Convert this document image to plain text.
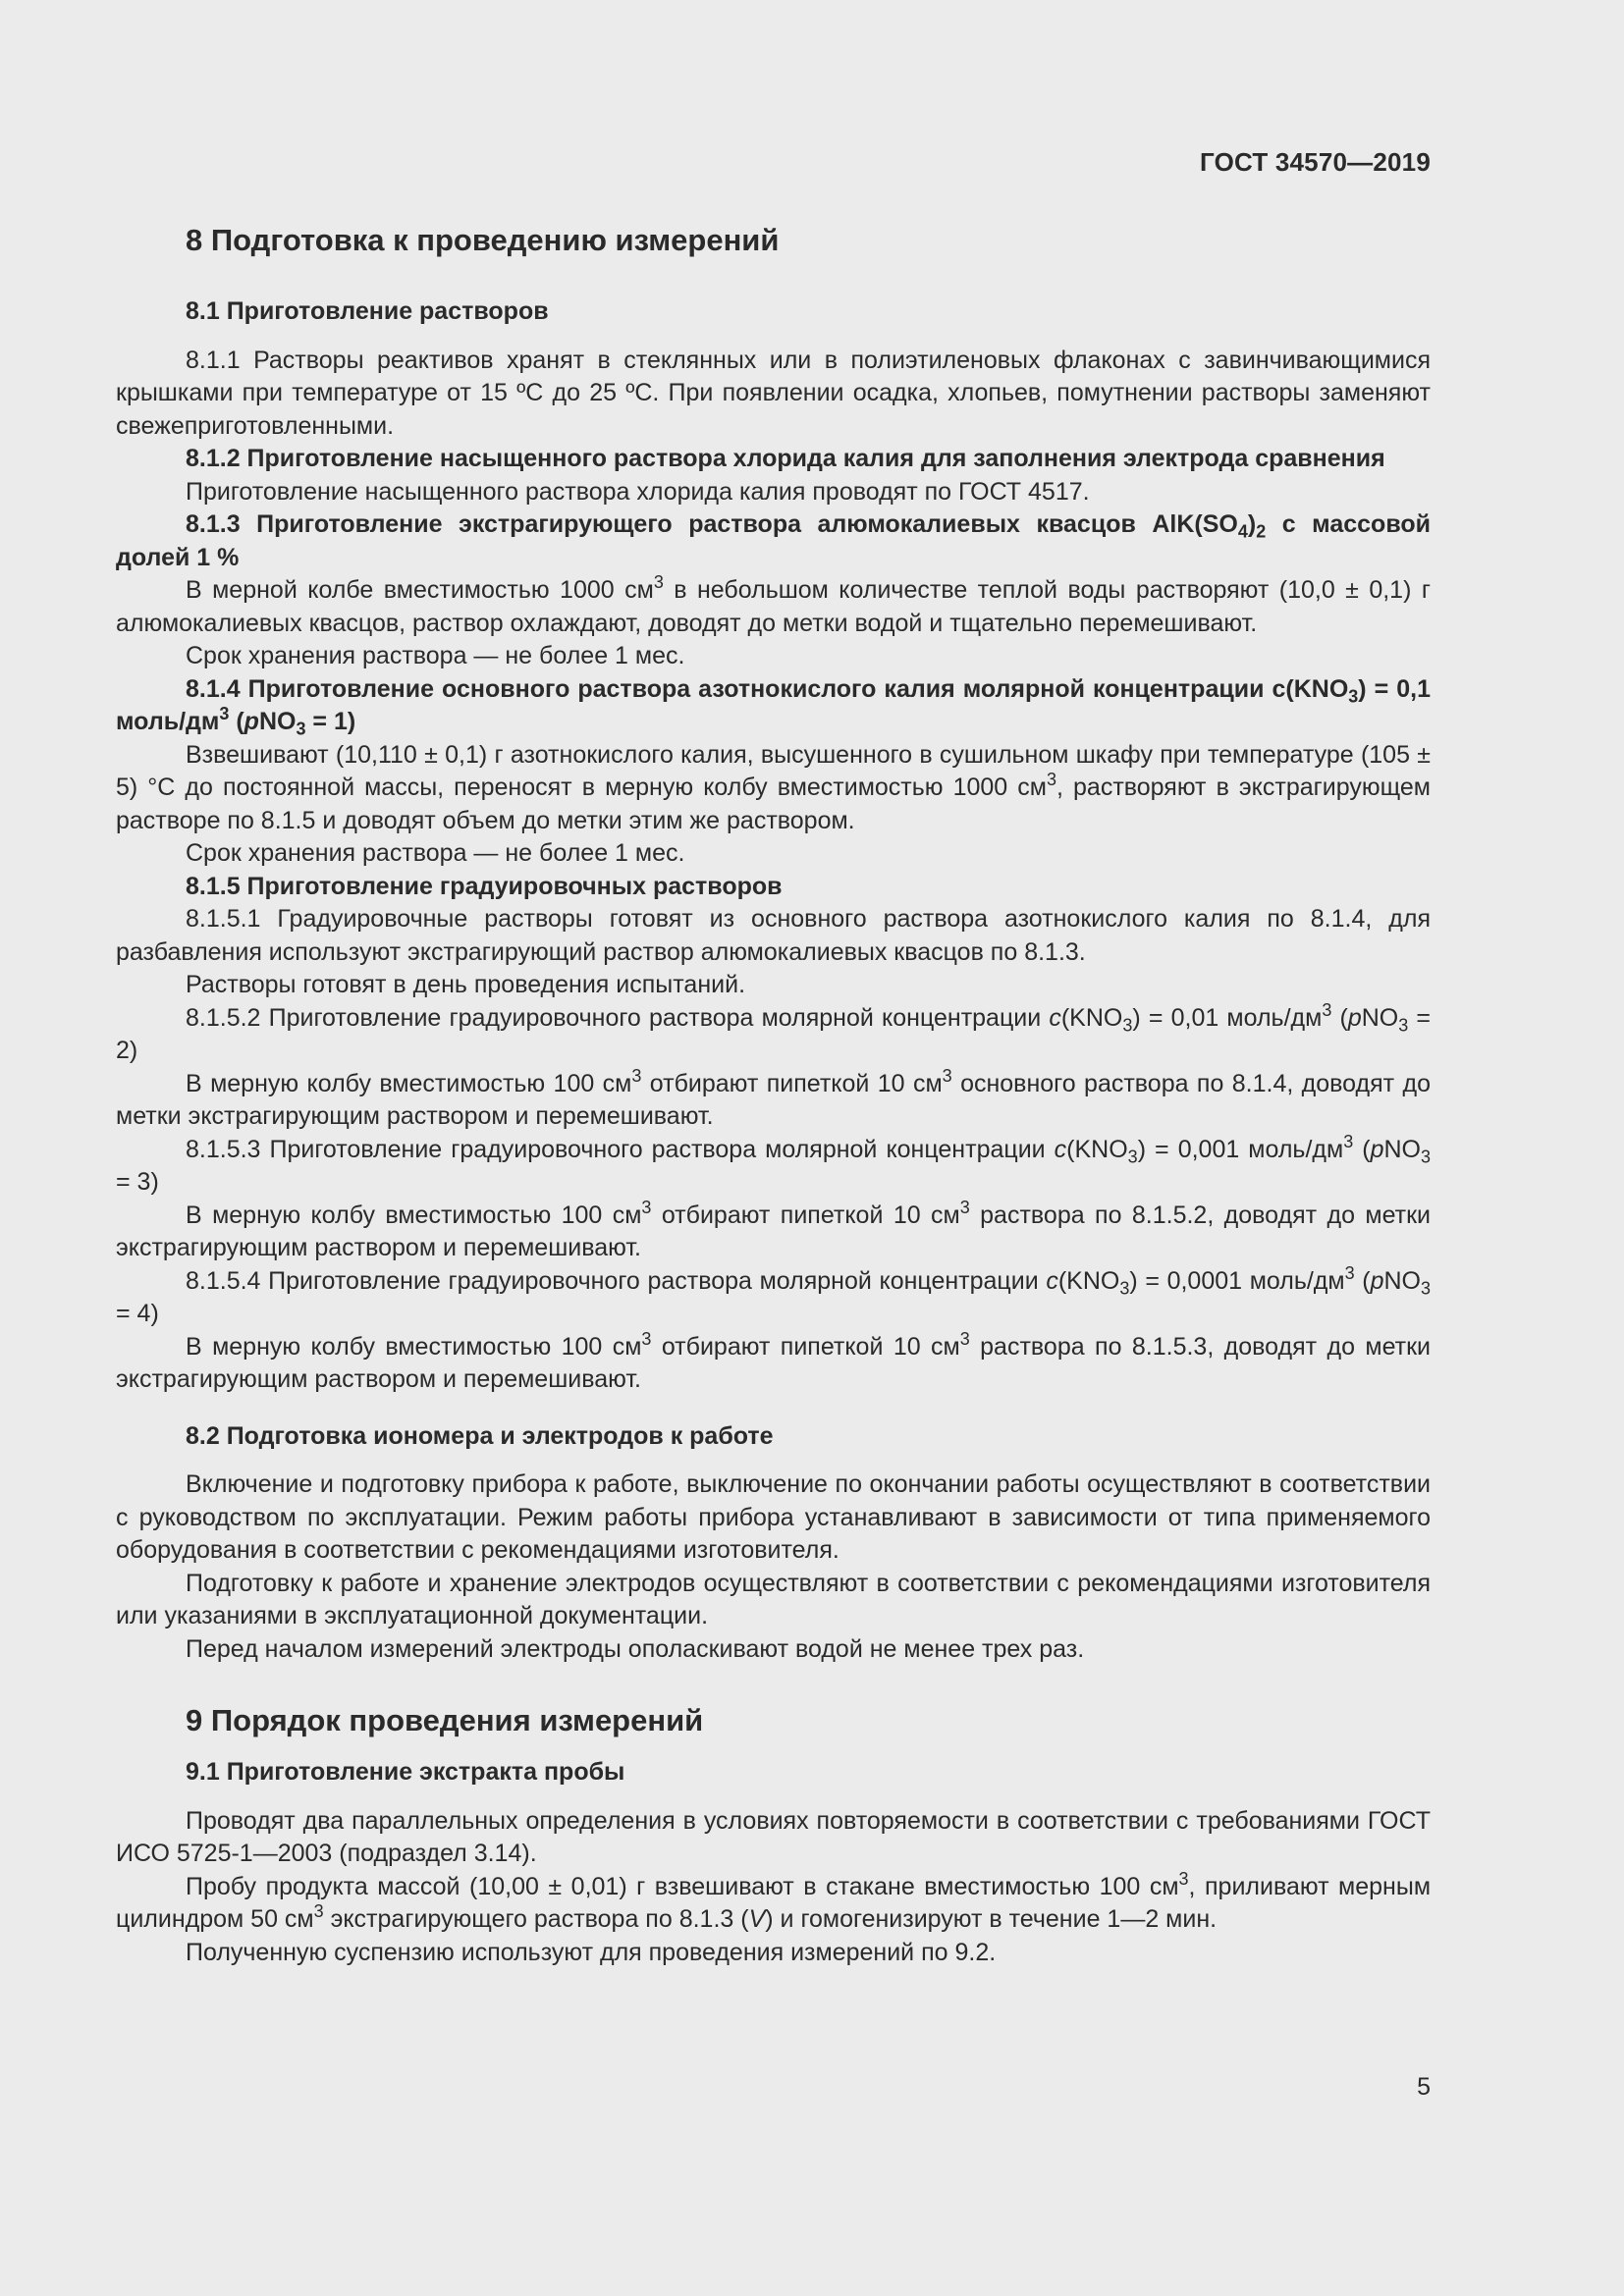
ГОСТ 34570—2019
8 Подготовка к проведению измерений

8.1 Приготовление растворов

8.1.1 Растворы реактивов хранят в стеклянных или в полиэтиленовых флаконах с завинчивающимися крышками при температуре от 15 ºС до 25 ºС. При появлении осадка, хлопьев, помутнении растворы заменяют свежеприготовленными.

8.1.2 Приготовление насыщенного раствора хлорида калия для заполнения электрода сравнения

Приготовление насыщенного раствора хлорида калия проводят по ГОСТ 4517.

8.1.3 Приготовление экстрагирующего раствора алюмокалиевых квасцов $AlK(SO_4)_2$ с массовой долей 1 %

В мерной колбе вместимостью 1000 $см^3$ в небольшом количестве теплой воды растворяют (10,0 ± 0,1) г алюмокалиевых квасцов, раствор охлаждают, доводят до метки водой и тщательно перемешивают.

Срок хранения раствора — не более 1 мес.

8.1.4 Приготовление основного раствора азотнокислого калия молярной концентрации $c(KNO_3) = 0,1$ моль/$дм^3$ (pNO$_3$ = 1)

Взвешивают (10,110 ± 0,1) г азотнокислого калия, высушенного в сушильном шкафу при температуре (105 ± 5) °С до постоянной массы, переносят в мерную колбу вместимостью 1000 $см^3$, растворяют в экстрагирующем растворе по 8.1.5 и доводят объем до метки этим же раствором.

Срок хранения раствора — не более 1 мес.

8.1.5 Приготовление градуировочных растворов

8.1.5.1 Градуировочные растворы готовят из основного раствора азотнокислого калия по 8.1.4, для разбавления используют экстрагирующий раствор алюмокалиевых квасцов по 8.1.3.

Растворы готовят в день проведения испытаний.

8.1.5.2 Приготовление градуировочного раствора молярной концентрации $c(KNO_3) = 0,01$ моль/$дм^3$ (pNO$_3$ = 2)

В мерную колбу вместимостью 100 $см^3$ отбирают пипеткой 10 $см^3$ основного раствора по 8.1.4, доводят до метки экстрагирующим раствором и перемешивают.

8.1.5.3 Приготовление градуировочного раствора молярной концентрации $c(KNO_3) = 0,001$ моль/$дм^3$ (pNO$_3$ = 3)

В мерную колбу вместимостью 100 $см^3$ отбирают пипеткой 10 $см^3$ раствора по 8.1.5.2, доводят до метки экстрагирующим раствором и перемешивают.

8.1.5.4 Приготовление градуировочного раствора молярной концентрации $c(KNO_3) = 0,0001$ моль/$дм^3$ (pNO$_3$ = 4)

В мерную колбу вместимостью 100 $см^3$ отбирают пипеткой 10 $см^3$ раствора по 8.1.5.3, доводят до метки экстрагирующим раствором и перемешивают.

8.2 Подготовка иономера и электродов к работе

Включение и подготовку прибора к работе, выключение по окончании работы осуществляют в соответствии с руководством по эксплуатации. Режим работы прибора устанавливают в зависимости от типа применяемого оборудования в соответствии с рекомендациями изготовителя.

Подготовку к работе и хранение электродов осуществляют в соответствии с рекомендациями изготовителя или указаниями в эксплуатационной документации.

Перед началом измерений электроды ополаскивают водой не менее трех раз.

9 Порядок проведения измерений

9.1 Приготовление экстракта пробы

Проводят два параллельных определения в условиях повторяемости в соответствии с требованиями ГОСТ ИСО 5725-1—2003 (подраздел 3.14).

Пробу продукта массой (10,00 ± 0,01) г взвешивают в стакане вместимостью 100 $см^3$, приливают мерным цилиндром 50 $см^3$ экстрагирующего раствора по 8.1.3 (V) и гомогенизируют в течение 1—2 мин.

Полученную суспензию используют для проведения измерений по 9.2.

5
